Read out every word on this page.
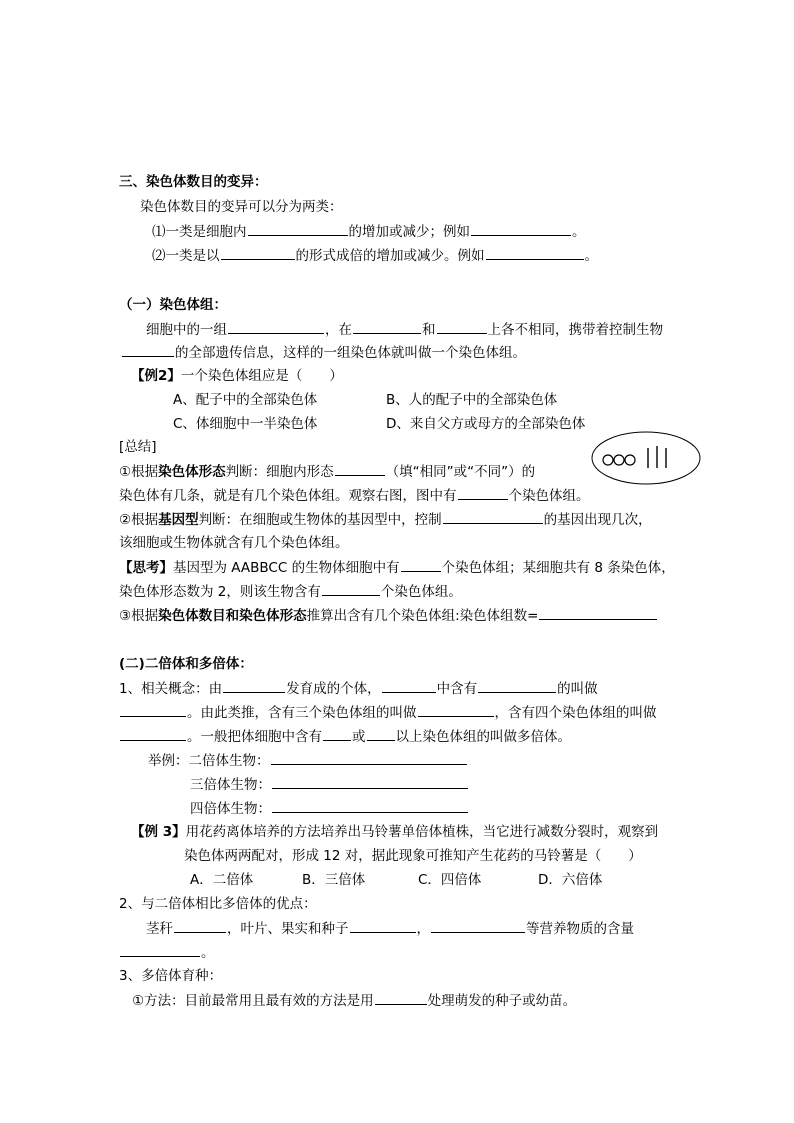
三、染色体数目的变异：
染色体数目的变异可以分为两类：
⑴一类是细胞内	的增加或减少；例如	。
⑵一类是以	的形式成倍的增加或减少。例如	。
（一）染色体组：
细胞中的一组	，在	和	上各不相同，携带着控制生物
的全部遗传信息，这样的一组染色体就叫做一个染色体组。
【例2】一个染色体组应是（　　）
A、配子中的全部染色体	B、人的配子中的全部染色体
C、体细胞中一半染色体	D、来自父方或母方的全部染色体
[总结]
①根据染色体形态判断：细胞内形态	（填“相同”或“不同”）的
染色体有几条，就是有几个染色体组。观察右图，图中有	个染色体组。
②根据基因型判断：在细胞或生物体的基因型中，控制	的基因出现几次，
该细胞或生物体就含有几个染色体组。
【思考】基因型为 AABBCC 的生物体细胞中有	个染色体组；某细胞共有 8 条染色体，
染色体形态数为 2，则该生物含有	个染色体组。
③根据染色体数目和染色体形态推算出含有几个染色体组:染色体组数=
(二)二倍体和多倍体：
1、相关概念：由	发育成的个体，	中含有	的叫做
。由此类推，含有三个染色体组的叫做	，含有四个染色体组的叫做
。一般把体细胞中含有 或 以上染色体组的叫做多倍体。
举例：二倍体生物：
三倍体生物：
四倍体生物：
【例 3】用花药离体培养的方法培养出马铃薯单倍体植株，当它进行减数分裂时，观察到
染色体两两配对，形成 12 对，据此现象可推知产生花药的马铃薯是（　　）
A．二倍体	B．三倍体	C．四倍体	D．六倍体
2、与二倍体相比多倍体的优点：
茎秆	，叶片、果实和种子	，	等营养物质的含量
。
3、多倍体育种：
①方法：目前最常用且最有效的方法是用	处理萌发的种子或幼苗。
